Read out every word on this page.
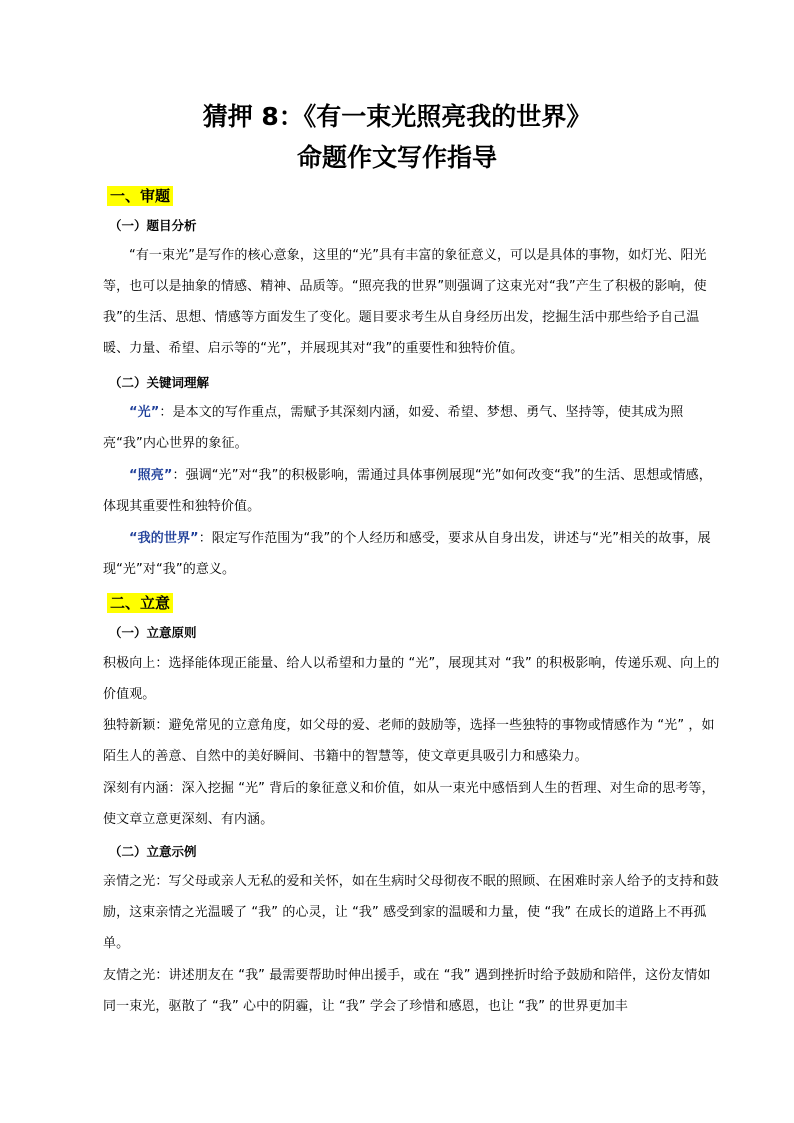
猜押 8：《有一束光照亮我的世界》
命题作文写作指导
一、审题
（一）题目分析

“有一束光”是写作的核心意象，这里的“光”具有丰富的象征意义，可以是具体的事物，如灯光、阳光等，也可以是抽象的情感、精神、品质等。“照亮我的世界”则强调了这束光对“我”产生了积极的影响，使我”的生活、思想、情感等方面发生了变化。题目要求考生从自身经历出发，挖掘生活中那些给予自己温暖、力量、希望、启示等的“光”，并展现其对“我”的重要性和独特价值。

（二）关键词理解

“光”：是本文的写作重点，需赋予其深刻内涵，如爱、希望、梦想、勇气、坚持等，使其成为照亮“我”内心世界的象征。

“照亮”：强调“光”对“我”的积极影响，需通过具体事例展现“光”如何改变“我”的生活、思想或情感，体现其重要性和独特价值。

“我的世界”：限定写作范围为“我”的个人经历和感受，要求从自身出发，讲述与“光”相关的故事，展现“光”对“我”的意义。

二、立意
（一）立意原则

积极向上：选择能体现正能量、给人以希望和力量的 “光”，展现其对 “我” 的积极影响，传递乐观、向上的价值观。

独特新颖：避免常见的立意角度，如父母的爱、老师的鼓励等，选择一些独特的事物或情感作为 “光” ，如陌生人的善意、自然中的美好瞬间、书籍中的智慧等，使文章更具吸引力和感染力。

深刻有内涵：深入挖掘 “光” 背后的象征意义和价值，如从一束光中感悟到人生的哲理、对生命的思考等，使文章立意更深刻、有内涵。

（二）立意示例

亲情之光：写父母或亲人无私的爱和关怀，如在生病时父母彻夜不眠的照顾、在困难时亲人给予的支持和鼓励，这束亲情之光温暖了 “我” 的心灵，让 “我” 感受到家的温暖和力量，使 “我” 在成长的道路上不再孤单。

友情之光：讲述朋友在 “我” 最需要帮助时伸出援手，或在 “我” 遇到挫折时给予鼓励和陪伴，这份友情如同一束光，驱散了 “我” 心中的阴霾，让 “我” 学会了珍惜和感恩，也让 “我” 的世界更加丰
